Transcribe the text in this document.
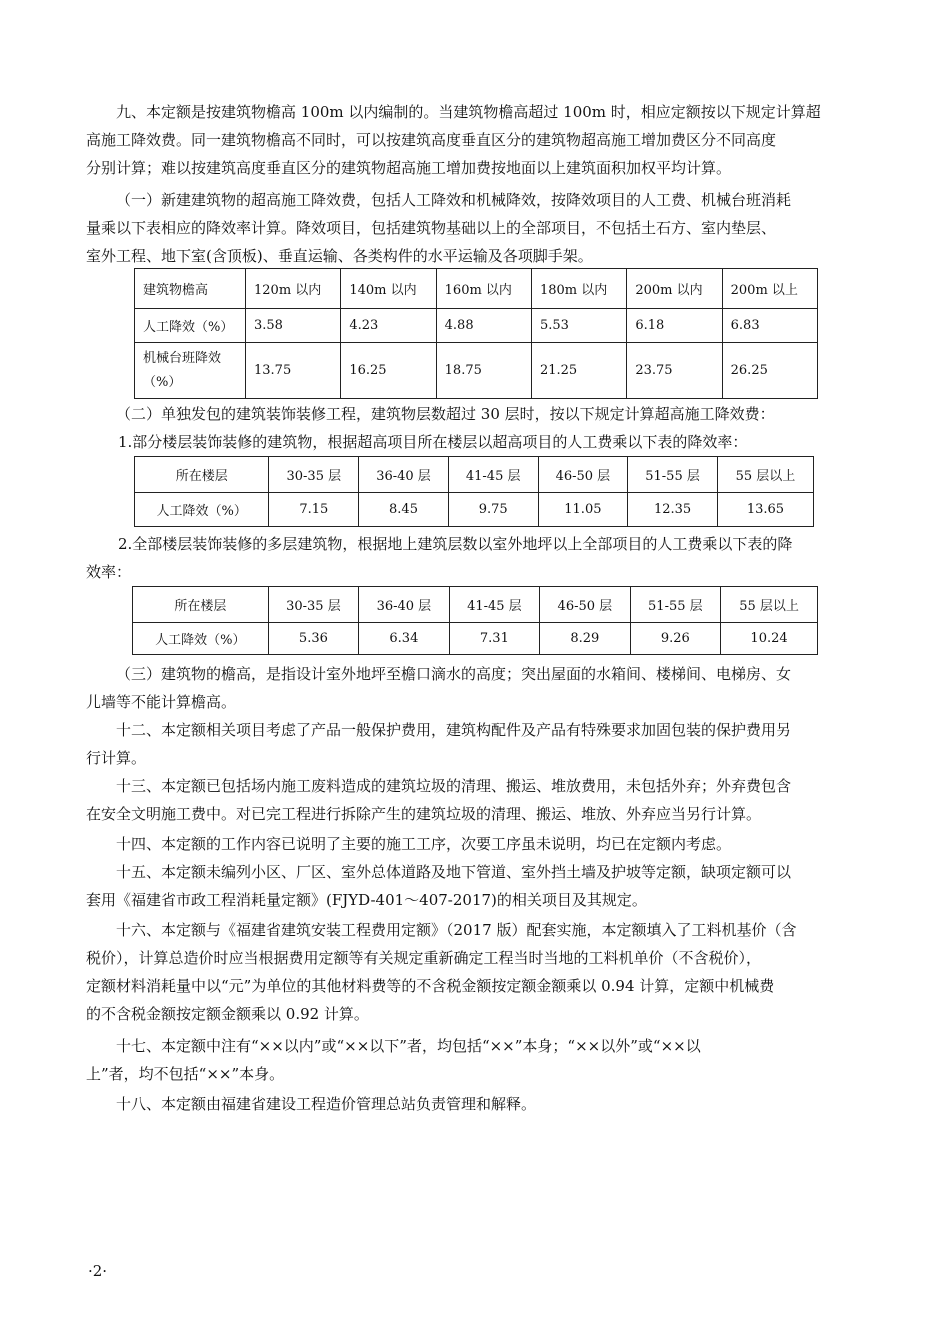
九、本定额是按建筑物檐高 100m 以内编制的。当建筑物檐高超过 100m 时，相应定额按以下规定计算超
高施工降效费。同一建筑物檐高不同时，可以按建筑高度垂直区分的建筑物超高施工增加费区分不同高度
分别计算；难以按建筑高度垂直区分的建筑物超高施工增加费按地面以上建筑面积加权平均计算。

（一）新建建筑物的超高施工降效费，包括人工降效和机械降效，按降效项目的人工费、机械台班消耗
量乘以下表相应的降效率计算。降效项目，包括建筑物基础以上的全部项目，不包括土石方、室内垫层、
室外工程、地下室(含顶板)、垂直运输、各类构件的水平运输及各项脚手架。

建筑物檐高	120m 以内	140m 以内	160m 以内	180m 以内	200m 以内	200m 以上
人工降效（%）	3.58	4.23	4.88	5.53	6.18	6.83
机械台班降效（%）	13.75	16.25	18.75	21.25	23.75	26.25

（二）单独发包的建筑装饰装修工程，建筑物层数超过 30 层时，按以下规定计算超高施工降效费：

1.部分楼层装饰装修的建筑物，根据超高项目所在楼层以超高项目的人工费乘以下表的降效率：

所在楼层	30-35 层	36-40 层	41-45 层	46-50 层	51-55 层	55 层以上
人工降效（%）	7.15	8.45	9.75	11.05	12.35	13.65

2.全部楼层装饰装修的多层建筑物，根据地上建筑层数以室外地坪以上全部项目的人工费乘以下表的降
效率：

所在楼层	30-35 层	36-40 层	41-45 层	46-50 层	51-55 层	55 层以上
人工降效（%）	5.36	6.34	7.31	8.29	9.26	10.24

（三）建筑物的檐高，是指设计室外地坪至檐口滴水的高度；突出屋面的水箱间、楼梯间、电梯房、女
儿墙等不能计算檐高。

十二、本定额相关项目考虑了产品一般保护费用，建筑构配件及产品有特殊要求加固包装的保护费用另
行计算。

十三、本定额已包括场内施工废料造成的建筑垃圾的清理、搬运、堆放费用，未包括外弃；外弃费包含
在安全文明施工费中。对已完工程进行拆除产生的建筑垃圾的清理、搬运、堆放、外弃应当另行计算。

十四、本定额的工作内容已说明了主要的施工工序，次要工序虽未说明，均已在定额内考虑。

十五、本定额未编列小区、厂区、室外总体道路及地下管道、室外挡土墙及护坡等定额，缺项定额可以
套用《福建省市政工程消耗量定额》(FJYD-401～407-2017)的相关项目及其规定。

十六、本定额与《福建省建筑安装工程费用定额》（2017 版）配套实施，本定额填入了工料机基价（含
税价），计算总造价时应当根据费用定额等有关规定重新确定工程当时当地的工料机单价（不含税价），
定额材料消耗量中以“元”为单位的其他材料费等的不含税金额按定额金额乘以 0.94 计算，定额中机械费
的不含税金额按定额金额乘以 0.92 计算。

十七、本定额中注有“××以内”或“××以下”者，均包括“××”本身；“××以外”或“××以
上”者，均不包括“××”本身。

十八、本定额由福建省建设工程造价管理总站负责管理和解释。

·2·
